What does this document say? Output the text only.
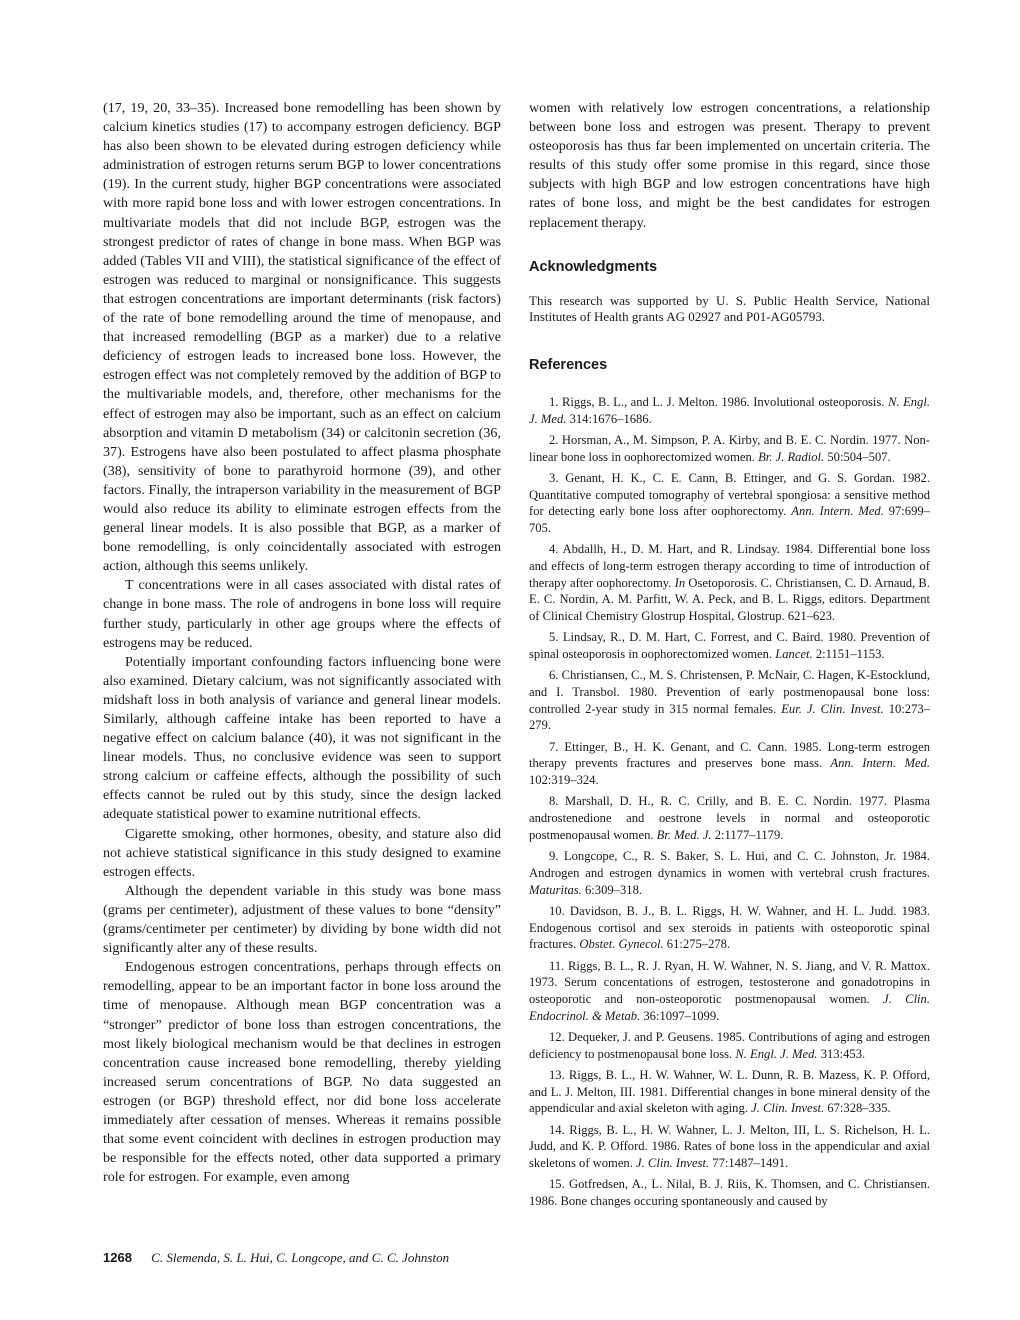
(17, 19, 20, 33–35). Increased bone remodelling has been shown by calcium kinetics studies (17) to accompany estrogen deficiency. BGP has also been shown to be elevated during estrogen deficiency while administration of estrogen returns serum BGP to lower concentrations (19). In the current study, higher BGP concentrations were associated with more rapid bone loss and with lower estrogen concentrations. In multivariate models that did not include BGP, estrogen was the strongest predictor of rates of change in bone mass. When BGP was added (Tables VII and VIII), the statistical significance of the effect of estrogen was reduced to marginal or nonsignificance. This suggests that estrogen concentrations are important determinants (risk factors) of the rate of bone remodelling around the time of menopause, and that increased remodelling (BGP as a marker) due to a relative deficiency of estrogen leads to increased bone loss. However, the estrogen effect was not completely removed by the addition of BGP to the multivariable models, and, therefore, other mechanisms for the effect of estrogen may also be important, such as an effect on calcium absorption and vitamin D metabolism (34) or calcitonin secretion (36, 37). Estrogens have also been postulated to affect plasma phosphate (38), sensitivity of bone to parathyroid hormone (39), and other factors. Finally, the intraperson variability in the measurement of BGP would also reduce its ability to eliminate estrogen effects from the general linear models. It is also possible that BGP, as a marker of bone remodelling, is only coincidentally associated with estrogen action, although this seems unlikely.

T concentrations were in all cases associated with distal rates of change in bone mass. The role of androgens in bone loss will require further study, particularly in other age groups where the effects of estrogens may be reduced.

Potentially important confounding factors influencing bone were also examined. Dietary calcium, was not significantly associated with midshaft loss in both analysis of variance and general linear models. Similarly, although caffeine intake has been reported to have a negative effect on calcium balance (40), it was not significant in the linear models. Thus, no conclusive evidence was seen to support strong calcium or caffeine effects, although the possibility of such effects cannot be ruled out by this study, since the design lacked adequate statistical power to examine nutritional effects.

Cigarette smoking, other hormones, obesity, and stature also did not achieve statistical significance in this study designed to examine estrogen effects.

Although the dependent variable in this study was bone mass (grams per centimeter), adjustment of these values to bone “density” (grams/centimeter per centimeter) by dividing by bone width did not significantly alter any of these results.

Endogenous estrogen concentrations, perhaps through effects on remodelling, appear to be an important factor in bone loss around the time of menopause. Although mean BGP concentration was a “stronger” predictor of bone loss than estrogen concentrations, the most likely biological mechanism would be that declines in estrogen concentration cause increased bone remodelling, thereby yielding increased serum concentrations of BGP. No data suggested an estrogen (or BGP) threshold effect, nor did bone loss accelerate immediately after cessation of menses. Whereas it remains possible that some event coincident with declines in estrogen production may be responsible for the effects noted, other data supported a primary role for estrogen. For example, even among

women with relatively low estrogen concentrations, a relationship between bone loss and estrogen was present. Therapy to prevent osteoporosis has thus far been implemented on uncertain criteria. The results of this study offer some promise in this regard, since those subjects with high BGP and low estrogen concentrations have high rates of bone loss, and might be the best candidates for estrogen replacement therapy.

Acknowledgments

This research was supported by U. S. Public Health Service, National Institutes of Health grants AG 02927 and P01-AG05793.

References

1. Riggs, B. L., and L. J. Melton. 1986. Involutional osteoporosis. N. Engl. J. Med. 314:1676–1686.

2. Horsman, A., M. Simpson, P. A. Kirby, and B. E. C. Nordin. 1977. Non-linear bone loss in oophorectomized women. Br. J. Radiol. 50:504–507.

3. Genant, H. K., C. E. Cann, B. Ettinger, and G. S. Gordan. 1982. Quantitative computed tomography of vertebral spongiosa: a sensitive method for detecting early bone loss after oophorectomy. Ann. Intern. Med. 97:699–705.

4. Abdallh, H., D. M. Hart, and R. Lindsay. 1984. Differential bone loss and effects of long-term estrogen therapy according to time of introduction of therapy after oophorectomy. In Osetoporosis. C. Christiansen, C. D. Arnaud, B. E. C. Nordin, A. M. Parfitt, W. A. Peck, and B. L. Riggs, editors. Department of Clinical Chemistry Glostrup Hospital, Glostrup. 621–623.

5. Lindsay, R., D. M. Hart, C. Forrest, and C. Baird. 1980. Prevention of spinal osteoporosis in oophorectomized women. Lancet. 2:1151–1153.

6. Christiansen, C., M. S. Christensen, P. McNair, C. Hagen, K-Estocklund, and I. Transbol. 1980. Prevention of early postmenopausal bone loss: controlled 2-year study in 315 normal females. Eur. J. Clin. Invest. 10:273–279.

7. Ettinger, B., H. K. Genant, and C. Cann. 1985. Long-term estrogen therapy prevents fractures and preserves bone mass. Ann. Intern. Med. 102:319–324.

8. Marshall, D. H., R. C. Crilly, and B. E. C. Nordin. 1977. Plasma androstenedione and oestrone levels in normal and osteoporotic postmenopausal women. Br. Med. J. 2:1177–1179.

9. Longcope, C., R. S. Baker, S. L. Hui, and C. C. Johnston, Jr. 1984. Androgen and estrogen dynamics in women with vertebral crush fractures. Maturitas. 6:309–318.

10. Davidson, B. J., B. L. Riggs, H. W. Wahner, and H. L. Judd. 1983. Endogenous cortisol and sex steroids in patients with osteoporotic spinal fractures. Obstet. Gynecol. 61:275–278.

11. Riggs, B. L., R. J. Ryan, H. W. Wahner, N. S. Jiang, and V. R. Mattox. 1973. Serum concentations of estrogen, testosterone and gonadotropins in osteoporotic and non-osteoporotic postmenopausal women. J. Clin. Endocrinol. & Metab. 36:1097–1099.

12. Dequeker, J. and P. Geusens. 1985. Contributions of aging and estrogen deficiency to postmenopausal bone loss. N. Engl. J. Med. 313:453.

13. Riggs, B. L., H. W. Wahner, W. L. Dunn, R. B. Mazess, K. P. Offord, and L. J. Melton, III. 1981. Differential changes in bone mineral density of the appendicular and axial skeleton with aging. J. Clin. Invest. 67:328–335.

14. Riggs, B. L., H. W. Wahner, L. J. Melton, III, L. S. Richelson, H. L. Judd, and K. P. Offord. 1986. Rates of bone loss in the appendicular and axial skeletons of women. J. Clin. Invest. 77:1487–1491.

15. Gotfredsen, A., L. Nilal, B. J. Riis, K. Thomsen, and C. Christiansen. 1986. Bone changes occuring spontaneously and caused by

1268 C. Slemenda, S. L. Hui, C. Longcope, and C. C. Johnston
